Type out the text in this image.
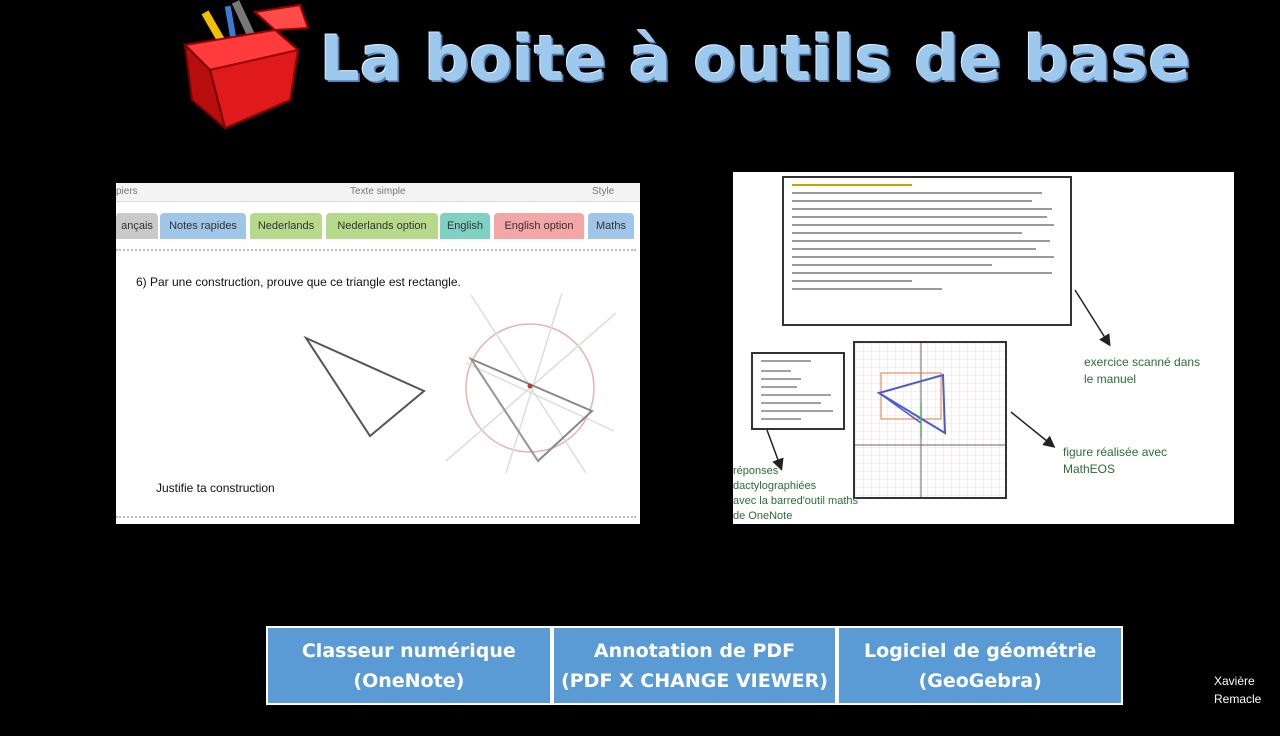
La boite à outils de base
piers	Texte simple	Style
ançais	Notes rapides	Nederlands	Nederlands option	English	English option	Maths
6) Par une construction, prouve que ce triangle est rectangle.
Justifie ta construction
exercice scanné dans
le manuel
figure réalisée avec
MathEOS
réponses
dactylographiées
avec la barred'outil maths
de OneNote
Classeur numérique
(OneNote)
Annotation de PDF
(PDF X CHANGE VIEWER)
Logiciel de géométrie
(GeoGebra)	Xavière
Remacle
